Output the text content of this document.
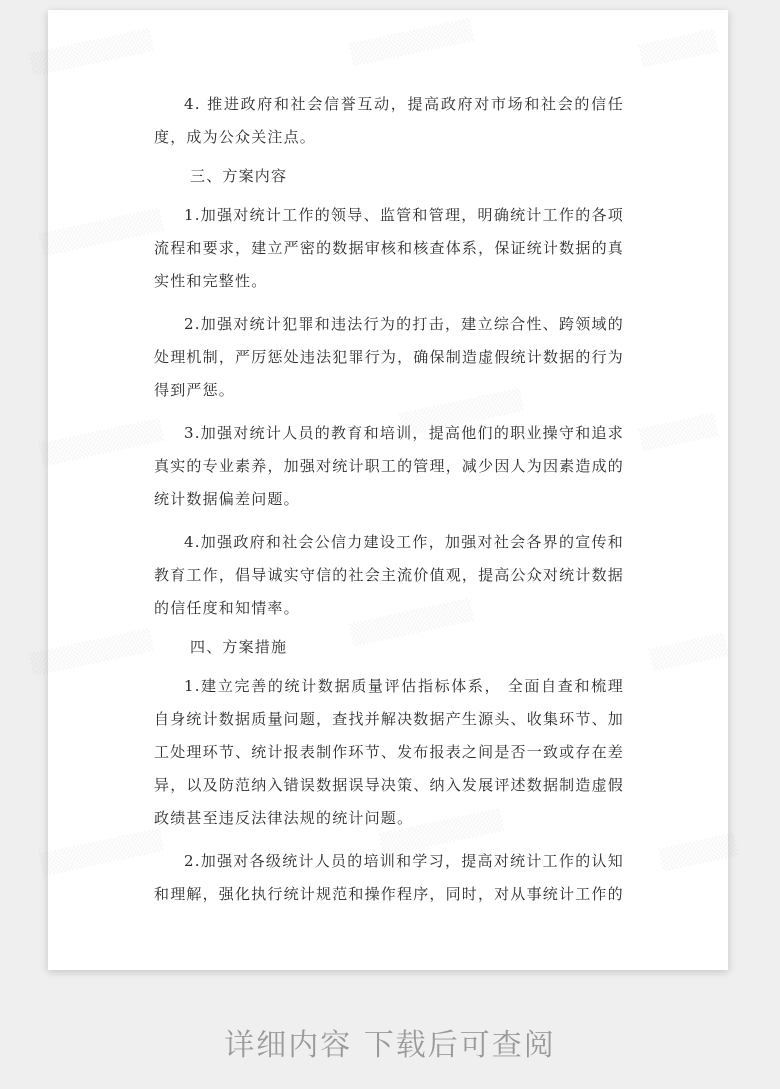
4. 推进政府和社会信誉互动，提高政府对市场和社会的信任度，成为公众关注点。

三、方案内容

1.加强对统计工作的领导、监管和管理，明确统计工作的各项流程和要求，建立严密的数据审核和核查体系，保证统计数据的真实性和完整性。

2.加强对统计犯罪和违法行为的打击，建立综合性、跨领域的处理机制，严厉惩处违法犯罪行为，确保制造虚假统计数据的行为得到严惩。

3.加强对统计人员的教育和培训，提高他们的职业操守和追求真实的专业素养，加强对统计职工的管理，减少因人为因素造成的统计数据偏差问题。

4.加强政府和社会公信力建设工作，加强对社会各界的宣传和教育工作，倡导诚实守信的社会主流价值观，提高公众对统计数据的信任度和知情率。

四、方案措施

1.建立完善的统计数据质量评估指标体系， 全面自查和梳理自身统计数据质量问题，查找并解决数据产生源头、收集环节、加工处理环节、统计报表制作环节、发布报表之间是否一致或存在差异，以及防范纳入错误数据误导决策、纳入发展评述数据制造虚假政绩甚至违反法律法规的统计问题。

2.加强对各级统计人员的培训和学习，提高对统计工作的认知和理解，强化执行统计规范和操作程序，同时，对从事统计工作的

详细内容 下载后可查阅
